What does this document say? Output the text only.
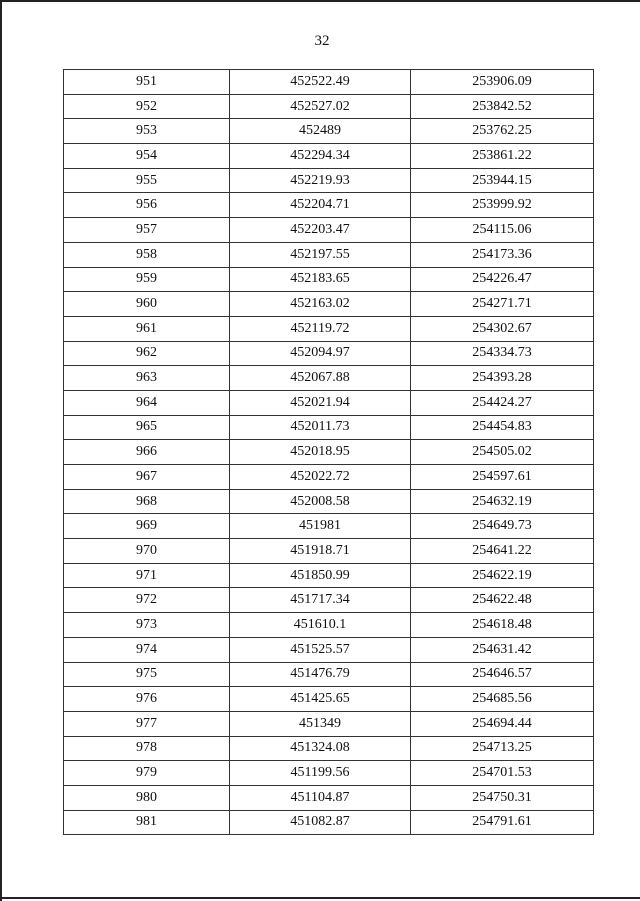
32
951	452522.49	253906.09
952	452527.02	253842.52
953	452489	253762.25
954	452294.34	253861.22
955	452219.93	253944.15
956	452204.71	253999.92
957	452203.47	254115.06
958	452197.55	254173.36
959	452183.65	254226.47
960	452163.02	254271.71
961	452119.72	254302.67
962	452094.97	254334.73
963	452067.88	254393.28
964	452021.94	254424.27
965	452011.73	254454.83
966	452018.95	254505.02
967	452022.72	254597.61
968	452008.58	254632.19
969	451981	254649.73
970	451918.71	254641.22
971	451850.99	254622.19
972	451717.34	254622.48
973	451610.1	254618.48
974	451525.57	254631.42
975	451476.79	254646.57
976	451425.65	254685.56
977	451349	254694.44
978	451324.08	254713.25
979	451199.56	254701.53
980	451104.87	254750.31
981	451082.87	254791.61
